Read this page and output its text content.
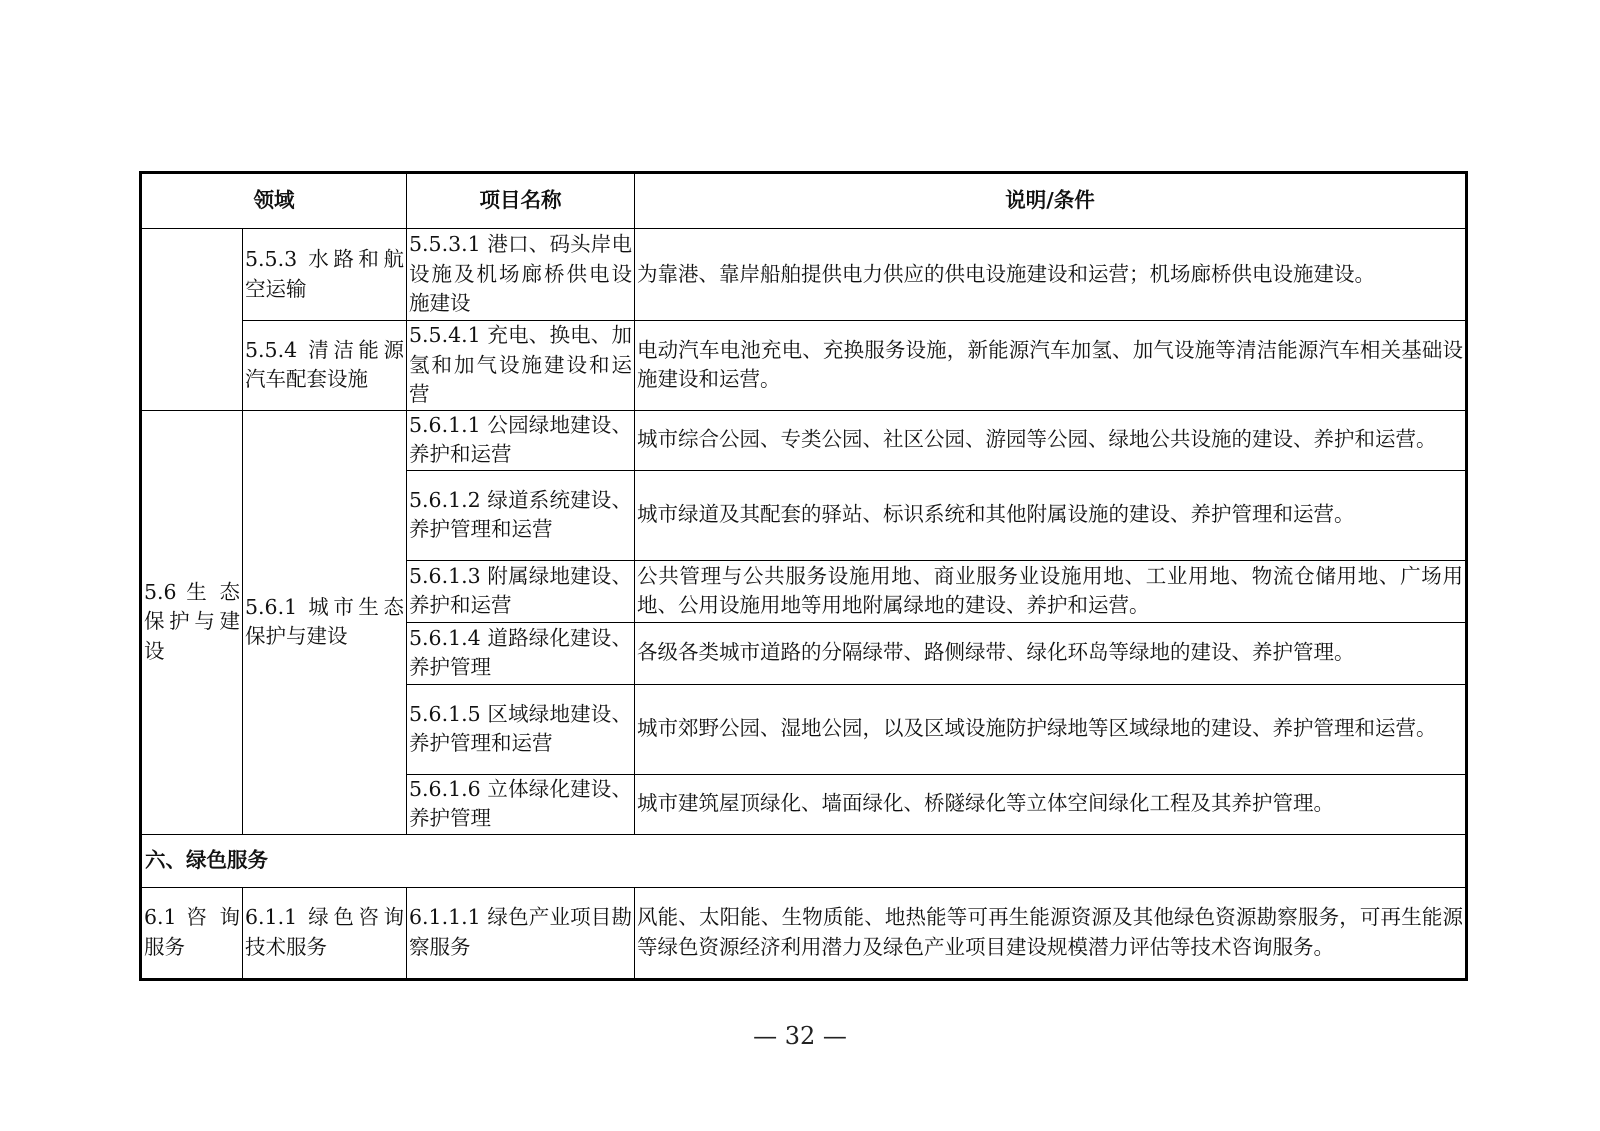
领域		项目名称	说明/条件
	5.5.3 水路和航空运输	5.5.3.1 港口、码头岸电设施及机场廊桥供电设施建设	为靠港、靠岸船舶提供电力供应的供电设施建设和运营；机场廊桥供电设施建设。
	5.5.4 清洁能源汽车配套设施	5.5.4.1 充电、换电、加氢和加气设施建设和运营	电动汽车电池充电、充换服务设施，新能源汽车加氢、加气设施等清洁能源汽车相关基础设施建设和运营。
5.6 生 态 保护与建设	5.6.1 城市生态保护与建设	5.6.1.1 公园绿地建设、养护和运营	城市综合公园、专类公园、社区公园、游园等公园、绿地公共设施的建设、养护和运营。
		5.6.1.2 绿道系统建设、养护管理和运营	城市绿道及其配套的驿站、标识系统和其他附属设施的建设、养护管理和运营。
		5.6.1.3 附属绿地建设、养护和运营	公共管理与公共服务设施用地、商业服务业设施用地、工业用地、物流仓储用地、广场用地、公用设施用地等用地附属绿地的建设、养护和运营。
		5.6.1.4 道路绿化建设、养护管理	各级各类城市道路的分隔绿带、路侧绿带、绿化环岛等绿地的建设、养护管理。
		5.6.1.5 区域绿地建设、养护管理和运营	城市郊野公园、湿地公园，以及区域设施防护绿地等区域绿地的建设、养护管理和运营。
		5.6.1.6 立体绿化建设、养护管理	城市建筑屋顶绿化、墙面绿化、桥隧绿化等立体空间绿化工程及其养护管理。
六、绿色服务			
6.1 咨 询 服务	6.1.1 绿色咨询技术服务	6.1.1.1 绿色产业项目勘察服务	风能、太阳能、生物质能、地热能等可再生能源资源及其他绿色资源勘察服务，可再生能源等绿色资源经济利用潜力及绿色产业项目建设规模潜力评估等技术咨询服务。
— 32 —
